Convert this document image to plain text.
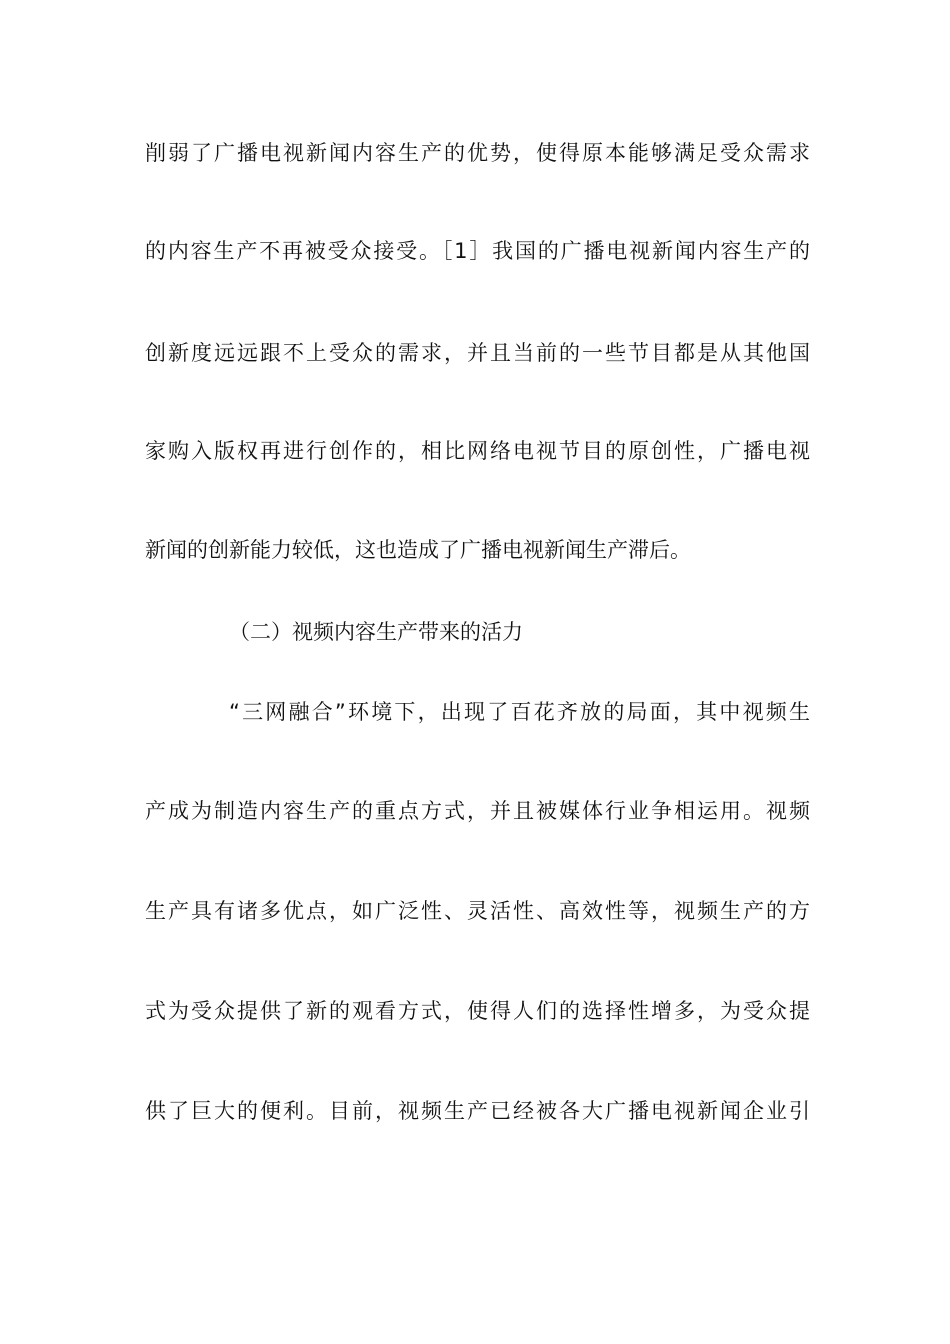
削弱了广播电视新闻内容生产的优势，使得原本能够满足受众需求
的内容生产不再被受众接受。［1］我国的广播电视新闻内容生产的
创新度远远跟不上受众的需求，并且当前的一些节目都是从其他国
家购入版权再进行创作的，相比网络电视节目的原创性，广播电视
新闻的创新能力较低，这也造成了广播电视新闻生产滞后。
（二）视频内容生产带来的活力
“三网融合”环境下，出现了百花齐放的局面，其中视频生
产成为制造内容生产的重点方式，并且被媒体行业争相运用。视频
生产具有诸多优点，如广泛性、灵活性、高效性等，视频生产的方
式为受众提供了新的观看方式，使得人们的选择性增多，为受众提
供了巨大的便利。目前，视频生产已经被各大广播电视新闻企业引
